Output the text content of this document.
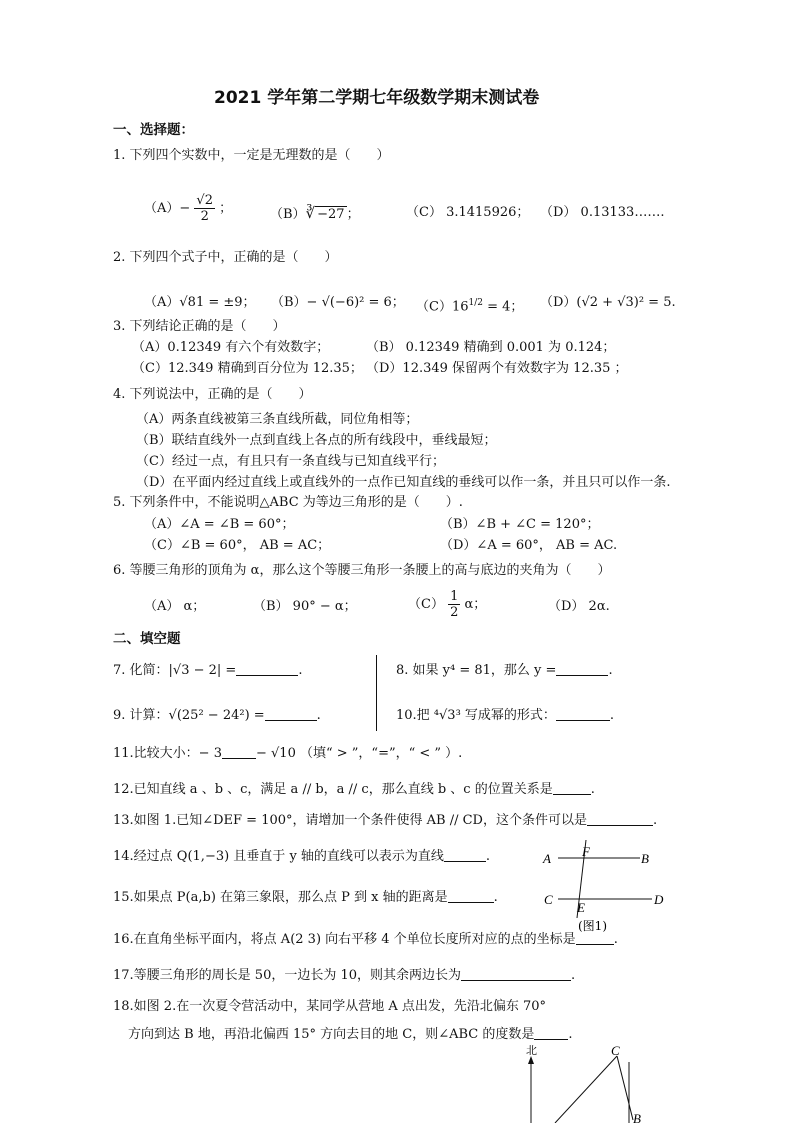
2021 学年第二学期七年级数学期末测试卷
一、选择题：
1. 下列四个实数中，一定是无理数的是（　　）
$(A)- \frac{√2}{2}$ ；	（B）∛ −27 ；	（C） 3.1415926； （D） 0.13133…….
2. 下列四个式子中，正确的是（　　）
（A）√81 = ±9； （B）− √(−6)² = 6； $(C)16^{1/2} = 4$； （D）(√2 + √3)² = 5.
3. 下列结论正确的是（　　）
（A）0.12349 有六个有效数字；	（B） 0.12349 精确到 0.001 为 0.124；
（C）12.349 精确到百分位为 12.35； （D）12.349 保留两个有效数字为 12.35 ；
4. 下列说法中，正确的是（　　）
（A）两条直线被第三条直线所截，同位角相等；
（B）联结直线外一点到直线上各点的所有线段中，垂线最短；
（C）经过一点，有且只有一条直线与已知直线平行；
（D）在平面内经过直线上或直线外的一点作已知直线的垂线可以作一条，并且只可以作一条.
5. 下列条件中，不能说明△ABC 为等边三角形的是（　　）.
（A）∠A = ∠B = 60°；	（B）∠B + ∠C = 120°；
（C）∠B = 60°， AB = AC；	（D）∠A = 60°， AB = AC.
6. 等腰三角形的顶角为 α，那么这个等腰三角形一条腰上的高与底边的夹角为（　　）
（A） α；	（B） 90° − α；	$(C) \frac{1}{2}$ α；	（D） 2α.
二、填空题
7. 化简：|√3 − 2| =	.	8. 如果 y⁴ = 81，那么 y =	.
9. 计算：√(25² − 24²) =	.	10.把 ⁴√3³ 写成幂的形式：	.
11.比较大小：− 3	− √10 （填“ > ”，“=”，“ < ” ）.
12.已知直线 a 、b 、c，满足 a // b，a // c，那么直线 b 、c 的位置关系是	.
13.如图 1.已知∠DEF = 100°，请增加一个条件使得 AB // CD，这个条件可以是	.
14.经过点 Q(1,−3) 且垂直于 y 轴的直线可以表示为直线	.
15.如果点 P(a,b) 在第三象限，那么点 P 到 x 轴的距离是	.
16.在直角坐标平面内，将点 A(2 3) 向右平移 4 个单位长度所对应的点的坐标是	.
17.等腰三角形的周长是 50，一边长为 10，则其余两边长为	.
18.如图 2.在一次夏令营活动中，某同学从营地 A 点出发，先沿北偏东 70°
方向到达 B 地，再沿北偏西 15° 方向去目的地 C，则∠ABC 的度数是	.
A	B
C	D
E
F
(图1)
北	C
B
